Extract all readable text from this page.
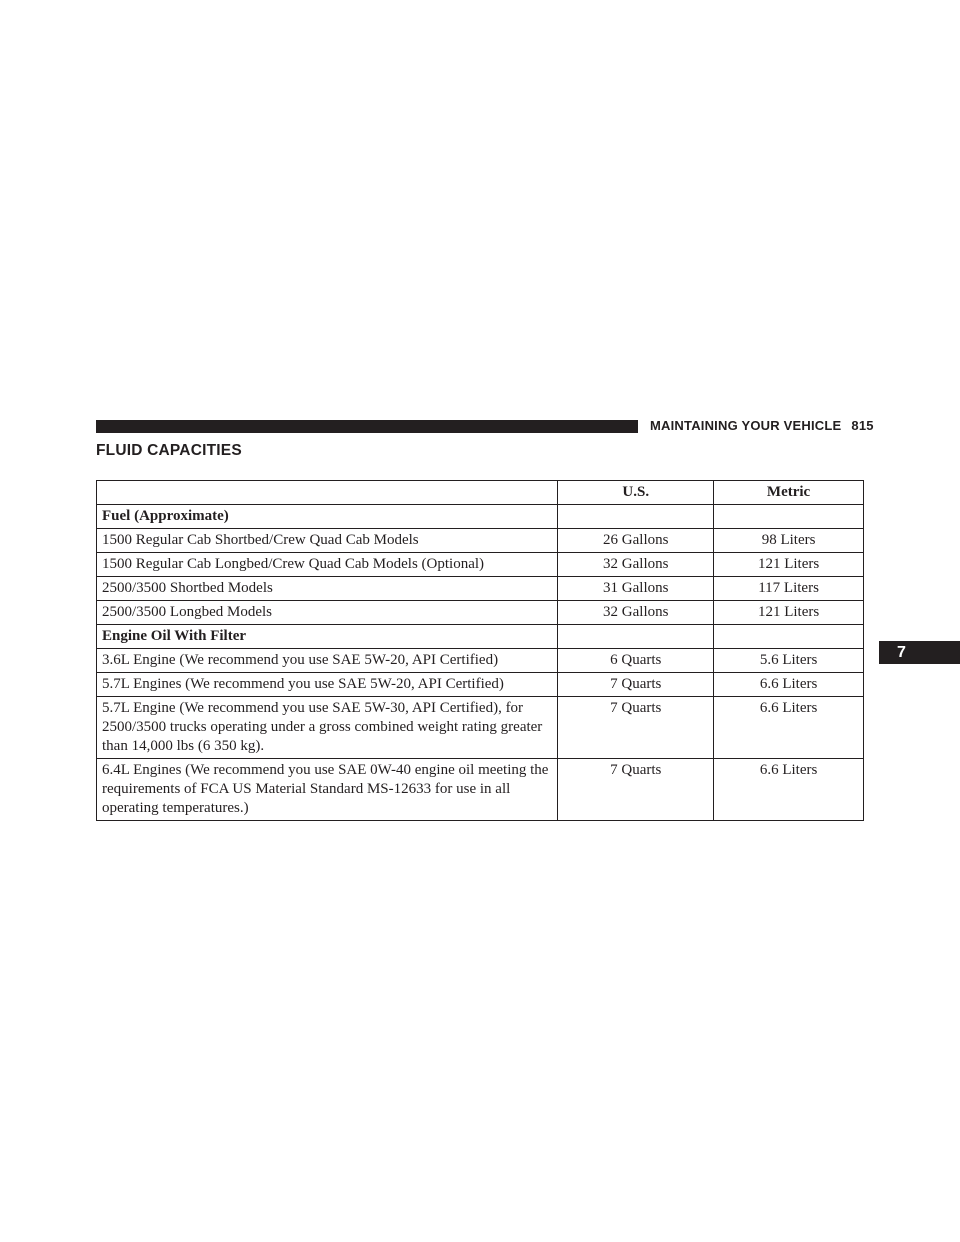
MAINTAINING YOUR VEHICLE 815
FLUID CAPACITIES
7
	U.S.	Metric
Fuel (Approximate)		
1500 Regular Cab Shortbed/Crew Quad Cab Models	26 Gallons	98 Liters
1500 Regular Cab Longbed/Crew Quad Cab Models (Optional)	32 Gallons	121 Liters
2500/3500 Shortbed Models	31 Gallons	117 Liters
2500/3500 Longbed Models	32 Gallons	121 Liters
Engine Oil With Filter		
3.6L Engine (We recommend you use SAE 5W-20, API Certified)	6 Quarts	5.6 Liters
5.7L Engines (We recommend you use SAE 5W-20, API Certified)	7 Quarts	6.6 Liters
5.7L Engine (We recommend you use SAE 5W-30, API Certified), for 2500/3500 trucks operating under a gross combined weight rating greater than 14,000 lbs (6 350 kg).	7 Quarts	6.6 Liters
6.4L Engines (We recommend you use SAE 0W-40 engine oil meeting the requirements of FCA US Material Standard MS-12633 for use in all operating temperatures.)	7 Quarts	6.6 Liters
